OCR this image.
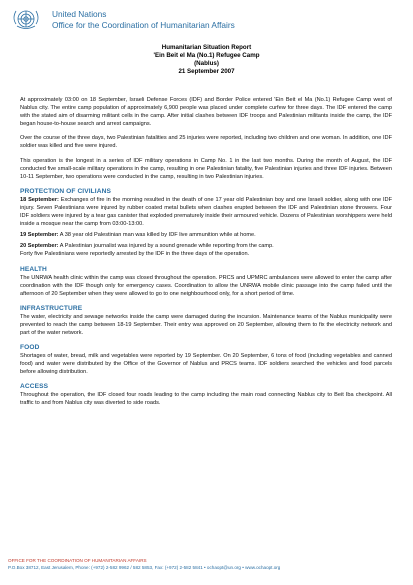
United Nations
Office for the Coordination of Humanitarian Affairs
Humanitarian Situation Report
'Ein Beit el Ma (No.1) Refugee Camp
(Nablus)
21 September 2007

At approximately 03:00 on 18 September, Israeli Defense Forces (IDF) and Border Police entered 'Ein Beit el Ma (No.1) Refugee Camp west of Nablus city. The entire camp population of approximately 6,900 people was placed under complete curfew for three days. The IDF entered the camp with the stated aim of disarming militant cells in the camp. After initial clashes between IDF troops and Palestinian militants inside the camp, the IDF began house-to-house search and arrest campaigns.

Over the course of the three days, two Palestinian fatalities and 25 injuries were reported, including two children and one woman. In addition, one IDF soldier was killed and five were injured.

This operation is the longest in a series of IDF military operations in Camp No. 1 in the last two months. During the month of August, the IDF conducted five small-scale military operations in the camp, resulting in one Palestinian fatality, five Palestinian injuries and three IDF injuries. Between 10-11 September, two operations were conducted in the camp, resulting in two Palestinian injuries.

PROTECTION OF CIVILIANS

18 September: Exchanges of fire in the morning resulted in the death of one 17 year old Palestinian boy and one Israeli soldier, along with one IDF injury. Seven Palestinians were injured by rubber coated metal bullets when clashes erupted between the IDF and Palestinian stone throwers. Four IDF soldiers were injured by a tear gas canister that exploded prematurely inside their armoured vehicle. Dozens of Palestinian worshippers were held inside a mosque near the camp from 03:00-13:00.

19 September: A 38 year old Palestinian man was killed by IDF live ammunition while at home.

20 September: A Palestinian journalist was injured by a sound grenade while reporting from the camp.

Forty five Palestinians were reportedly arrested by the IDF in the three days of the operation.

HEALTH

The UNRWA health clinic within the camp was closed throughout the operation. PRCS and UPMRC ambulances were allowed to enter the camp after coordination with the IDF though only for emergency cases. Coordination to allow the UNRWA mobile clinic passage into the camp failed until the afternoon of 20 September when they were allowed to go to one neighbourhood only, for a short period of time.

INFRASTRUCTURE

The water, electricity and sewage networks inside the camp were damaged during the incursion. Maintenance teams of the Nablus municipality were prevented to reach the camp between 18-19 September. Their entry was approved on 20 September, allowing them to fix the electricity network and part of the water network.

FOOD

Shortages of water, bread, milk and vegetables were reported by 19 September. On 20 September, 6 tons of food (including vegetables and canned food) and water were distributed by the Office of the Governor of Nablus and PRCS teams. IDF soldiers searched the vehicles and food parcels before allowing distribution.

ACCESS

Throughout the operation, the IDF closed four roads leading to the camp including the main road connecting Nablus city to Beit Iba checkpoint. All traffic to and from Nablus city was diverted to side roads.

OFFICE FOR THE COORDINATION OF HUMANITARIAN AFFAIRS
P.O.Box 38712, East Jerusalem, Phone: (+972) 2-582 9962 / 582 5853, Fax: (+972) 2-582 5841 • ochaopt@un.org • www.ochaopt.org
